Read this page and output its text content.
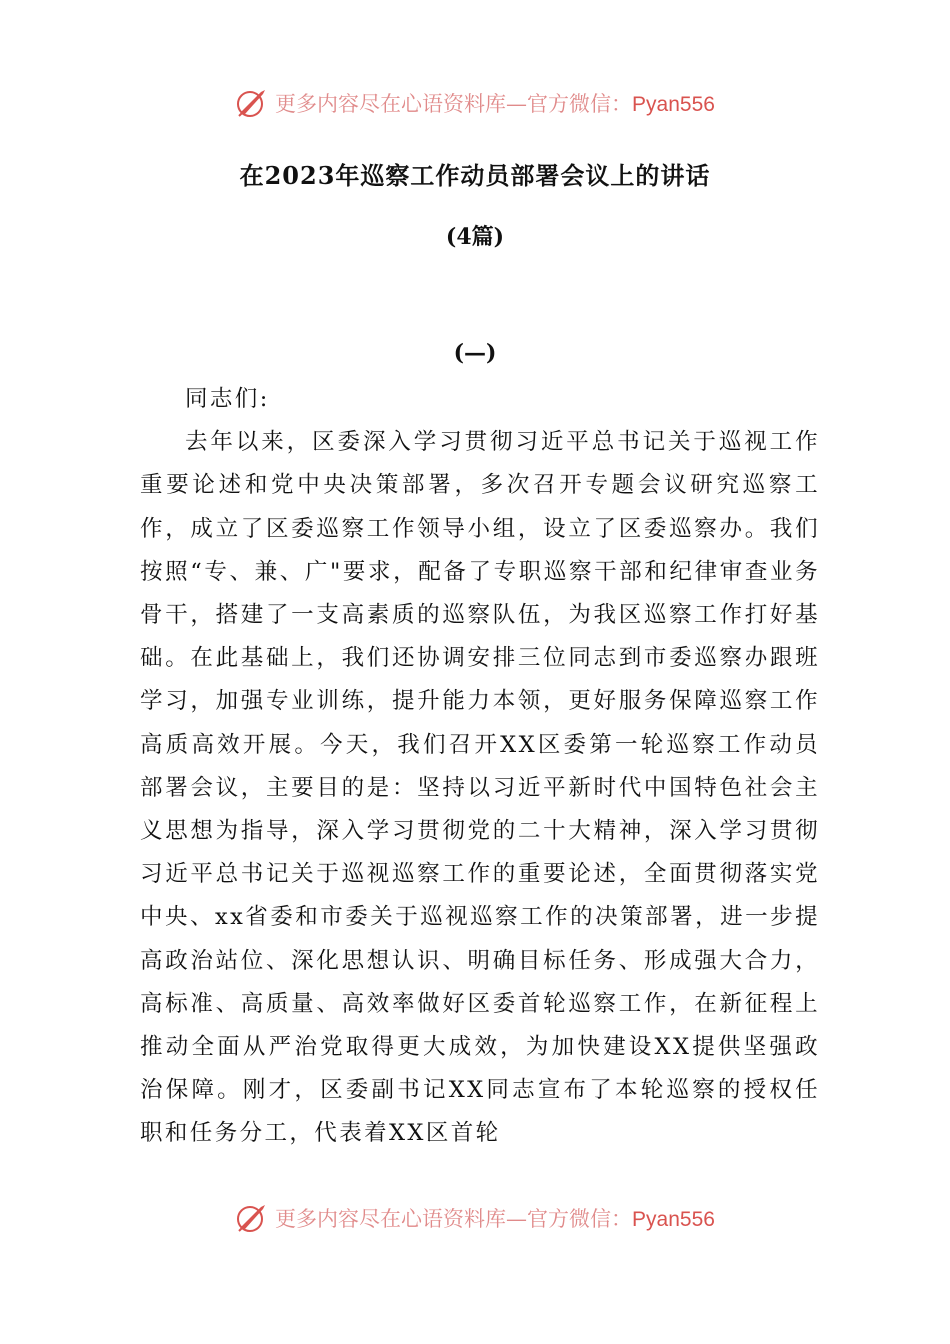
更多内容尽在心语资料库—官方微信：Pyan556
在2023年巡察工作动员部署会议上的讲话
(4篇)
(—)

同志们:

去年以来，区委深入学习贯彻习近平总书记关于巡视工作重要论述和党中央决策部署，多次召开专题会议研究巡察工作，成立了区委巡察工作领导小组，设立了区委巡察办。我们按照“专、兼、广"要求，配备了专职巡察干部和纪律审查业务骨干，搭建了一支高素质的巡察队伍，为我区巡察工作打好基础。在此基础上，我们还协调安排三位同志到市委巡察办跟班学习，加强专业训练，提升能力本领，更好服务保障巡察工作高质高效开展。今天，我们召开XX区委第一轮巡察工作动员部署会议，主要目的是：坚持以习近平新时代中国特色社会主义思想为指导，深入学习贯彻党的二十大精神，深入学习贯彻习近平总书记关于巡视巡察工作的重要论述，全面贯彻落实党中央、xx省委和市委关于巡视巡察工作的决策部署，进一步提高政治站位、深化思想认识、明确目标任务、形成强大合力，高标准、高质量、高效率做好区委首轮巡察工作，在新征程上推动全面从严治党取得更大成效，为加快建设XX提供坚强政治保障。刚才，区委副书记XX同志宣布了本轮巡察的授权任职和任务分工，代表着XX区首轮

更多内容尽在心语资料库—官方微信：Pyan556
